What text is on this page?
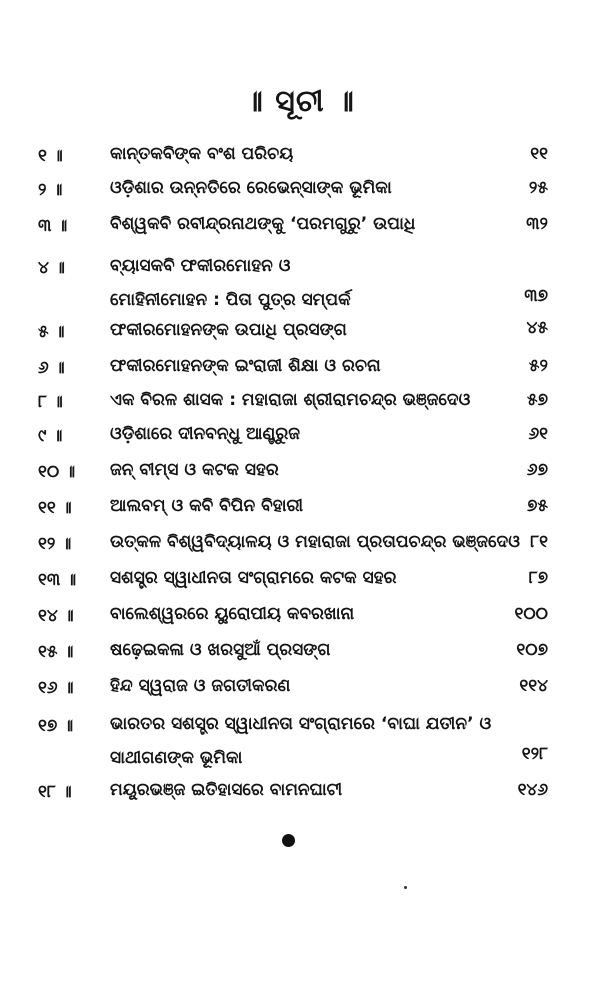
॥ ସୂଚୀ ॥
୧ ॥	କାନ୍ତକବିଙ୍କ ବଂଶ ପରିଚୟ	୧୧
୨ ॥	ଓଡ଼ିଶାର ଉନ୍ନତିରେ ରେଭେନ୍ସାଙ୍କ ଭୂମିକା	୨୫
୩ ॥	ବିଶ୍ୱକବି ରବୀନ୍ଦ୍ରନାଥଙ୍କୁ ‘ପରମଗୁରୁ’ ଉପାଧି	୩୨
୪ ॥	ବ୍ୟାସକବି ଫକୀରମୋହନ ଓ
ମୋହିନୀମୋହନ : ପିତା ପୁତ୍ର ସମ୍ପର୍କ	୩୭
୫ ॥	ଫକୀରମୋହନଙ୍କ ଉପାଧି ପ୍ରସଙ୍ଗ	୪୫
୬ ॥	ଫକୀରମୋହନଙ୍କ ଇଂରାଜୀ ଶିକ୍ଷା ଓ ରଚନା	୫୨
୮ ॥	ଏକ ବିରଳ ଶାସକ : ମହାରାଜା ଶ୍ରୀରାମଚନ୍ଦ୍ର ଭଞ୍ଜଦେଓ	୫୭
୯ ॥	ଓଡ଼ିଶାରେ ଦୀନବନ୍ଧୁ ଆଣ୍ଡ୍ରୁଜ	୬୧
୧୦ ॥	ଜନ୍ ବୀମ୍ସ ଓ କଟକ ସହର	୬୭
୧୧ ॥	ଆଲବମ୍ ଓ କବି ବିପିନ ବିହାରୀ	୭୫
୧୨ ॥	ଉତ୍କଳ ବିଶ୍ୱବିଦ୍ୟାଳୟ ଓ ମହାରାଜା ପ୍ରତାପଚନ୍ଦ୍ର ଭଞ୍ଜଦେଓ ୮୧
୧୩ ॥	ସଶସ୍ତ୍ର ସ୍ୱାଧୀନତା ସଂଗ୍ରାମରେ କଟକ ସହର	୮୭
୧୪ ॥	ବାଲେଶ୍ୱରରେ ୟୁରୋପୀୟ କବରଖାନା	୧୦୦
୧୫ ॥	ଷଢ଼େଇକଳା ଓ ଖରସୁଆଁ ପ୍ରସଙ୍ଗ	୧୦୭
୧୬ ॥	ହିନ୍ଦ ସ୍ୱରାଜ ଓ ଜଗତୀକରଣ	୧୧୪
୧୭ ॥	ଭାରତର ସଶସ୍ତ୍ର ସ୍ୱାଧୀନତା ସଂଗ୍ରାମରେ ‘ବାଘା ଯତୀନ’ ଓ
ସାଥୀଗଣଙ୍କ ଭୂମିକା	୧୨୮
୧୮ ॥	ମୟୂରଭଞ୍ଜ ଇତିହାସରେ ବାମନଘାଟୀ	୧୪୬
